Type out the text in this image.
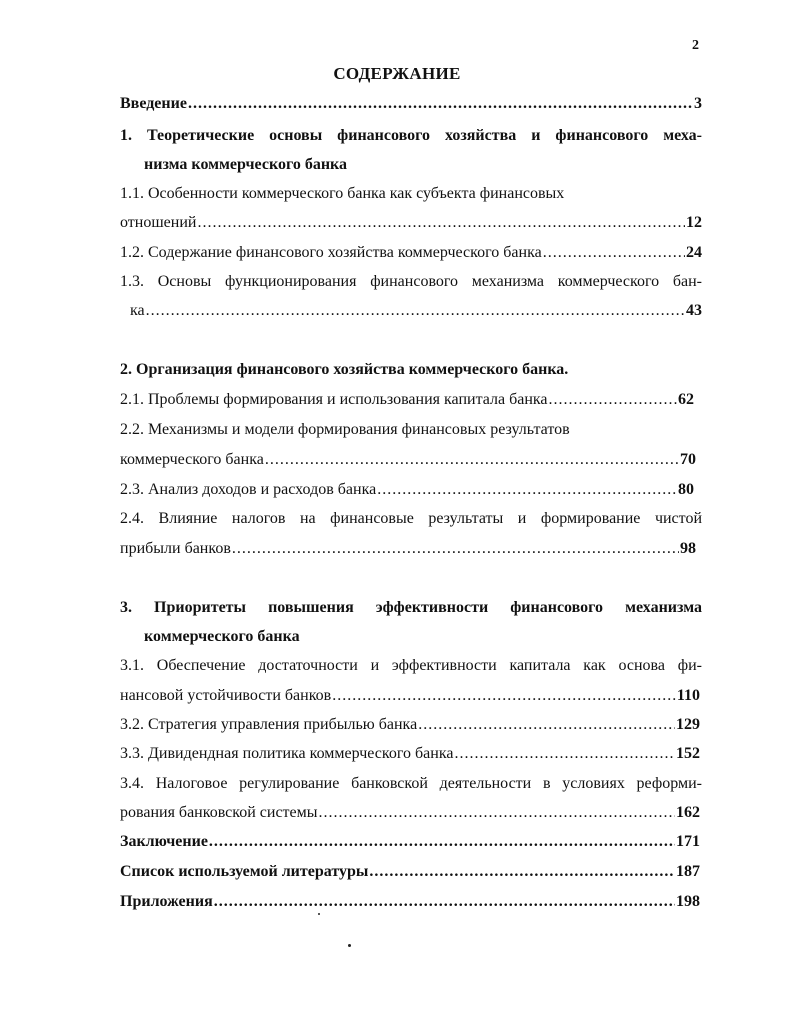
2
СОДЕРЖАНИЕ
Введение .....	3
1. Теоретические основы финансового хозяйства и финансового меха-
низма коммерческого банка
1.1. Особенности коммерческого банка как субъекта финансовых
отношений .....	12
1.2. Содержание финансового хозяйства коммерческого банка .....	24
1.3. Основы функционирования финансового механизма коммерческого бан-
ка .....	43
2. Организация финансового хозяйства коммерческого банка.
2.1. Проблемы формирования и использования капитала банка .....	62
2.2. Механизмы и модели формирования финансовых результатов
коммерческого банка .....	70
2.3. Анализ доходов и расходов банка .....	80
2.4. Влияние налогов на финансовые результаты и формирование чистой
прибыли банков .....	98
3. Приоритеты повышения эффективности финансового механизма
коммерческого банка
3.1. Обеспечение достаточности и эффективности капитала как основа фи-
нансовой устойчивости банков .....	110
3.2. Стратегия управления прибылью банка .....	129
3.3. Дивидендная политика коммерческого банка .....	152
3.4. Налоговое регулирование банковской деятельности в условиях реформи-
рования банковской системы .....	162
Заключение .....	171
Список используемой литературы .....	187
Приложения .....	198
